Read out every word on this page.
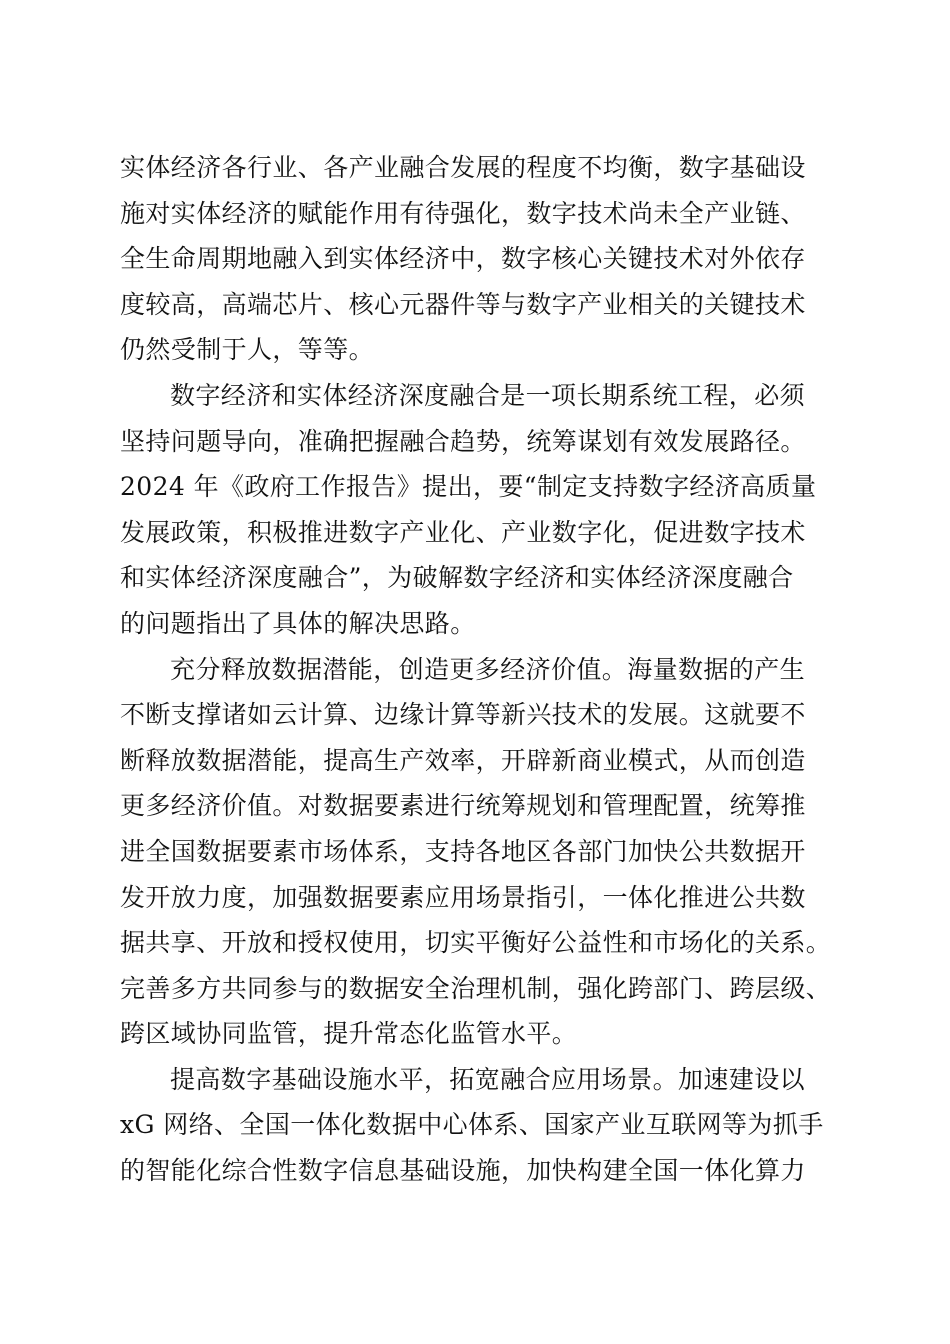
实体经济各行业、各产业融合发展的程度不均衡，数字基础设
施对实体经济的赋能作用有待强化，数字技术尚未全产业链、
全生命周期地融入到实体经济中，数字核心关键技术对外依存
度较高，高端芯片、核心元器件等与数字产业相关的关键技术
仍然受制于人，等等。
数字经济和实体经济深度融合是一项长期系统工程，必须
坚持问题导向，准确把握融合趋势，统筹谋划有效发展路径。
2024 年《政府工作报告》提出，要“制定支持数字经济高质量
发展政策，积极推进数字产业化、产业数字化，促进数字技术
和实体经济深度融合”，为破解数字经济和实体经济深度融合
的问题指出了具体的解决思路。
充分释放数据潜能，创造更多经济价值。海量数据的产生
不断支撑诸如云计算、边缘计算等新兴技术的发展。这就要不
断释放数据潜能，提高生产效率，开辟新商业模式，从而创造
更多经济价值。对数据要素进行统筹规划和管理配置，统筹推
进全国数据要素市场体系，支持各地区各部门加快公共数据开
发开放力度，加强数据要素应用场景指引，一体化推进公共数
据共享、开放和授权使用，切实平衡好公益性和市场化的关系。
完善多方共同参与的数据安全治理机制，强化跨部门、跨层级、
跨区域协同监管，提升常态化监管水平。
提高数字基础设施水平，拓宽融合应用场景。加速建设以
xG 网络、全国一体化数据中心体系、国家产业互联网等为抓手
的智能化综合性数字信息基础设施，加快构建全国一体化算力
